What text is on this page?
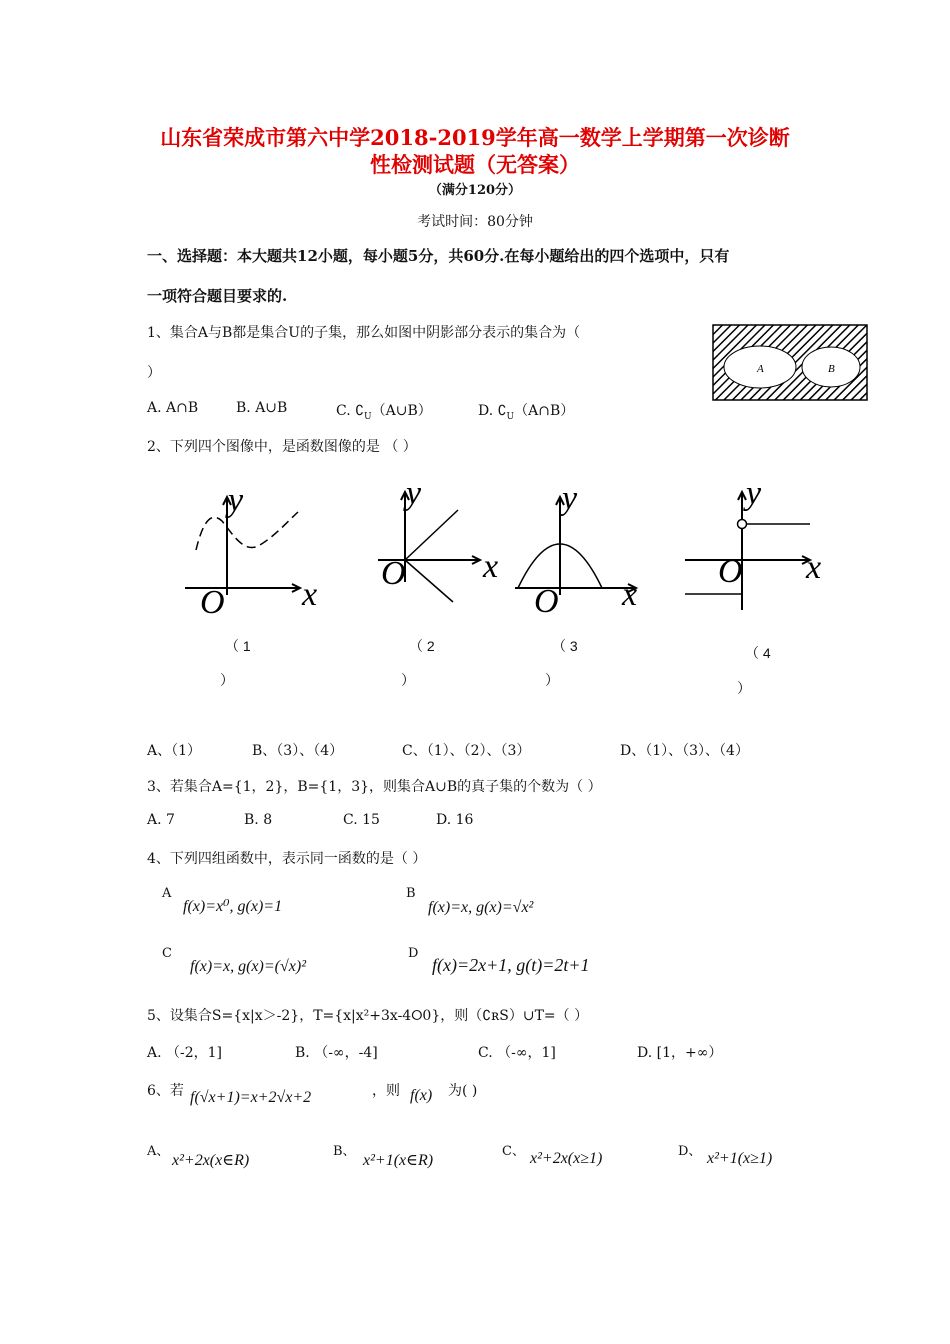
山东省荣成市第六中学2018-2019学年高一数学上学期第一次诊断
性检测试题（无答案）
（满分120分）
考试时间：80分钟
一、选择题：本大题共12小题，每小题5分，共60分.在每小题给出的四个选项中，只有
一项符合题目要求的.
1、集合A与B都是集合U的子集，那么如图中阴影部分表示的集合为（
）	A	B
A. A∩B	B. A∪B	C. $∁_U(A\cup B)$	D. $∁_U(A\cap B)$
2、下列四个图像中，是函数图像的是 （ ）
y
x
O
y
x
O
y
x
O
y
x
O
（ 1
）
（ 2
）
（ 3
）
（ 4
）
A、（1）	B、（3）、（4）	C、（1）、（2）、（3）	D、（1）、（3）、（4）
3、若集合A={1，2}，B={1，3}，则集合A∪B的真子集的个数为（ ）
A. 7	B. 8	C. 15	D. 16
4、下列四组函数中，表示同一函数的是（ ）
A
f(x)=x⁰, g(x)=1
B
f(x)=x, g(x)=√x²
C
f(x)=x, g(x)=(√x)²
D
f(x)=2x+1, g(t)=2t+1
5、设集合S={x|x＞-2}，T={x|x²+3x-4⭘0}，则（∁ʀS）∪T=（ ）
A. （-2，1]	B. （-∞，-4]	C. （-∞，1]	D. [1，+∞）
6、若 f(√x+1)=x+2√x+2	，则 f(x) 为( )
A、
x²+2x(x∈R)
B、
x²+1(x∈R)
C、 x²+2x(x≥1)	D、 x²+1(x≥1)
